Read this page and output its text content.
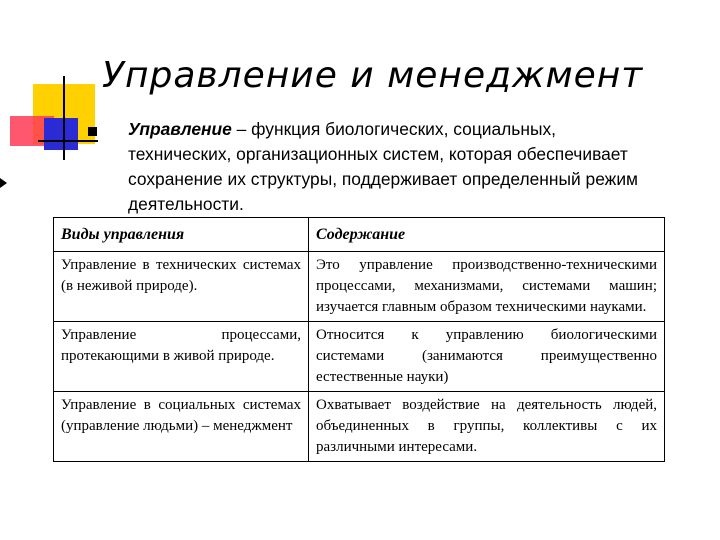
Управление и менеджмент

Управление – функция биологических, социальных, технических, организационных систем, которая обеспечивает сохранение их структуры, поддерживает определенный режим деятельности.

Виды управления	Содержание
Управление в технических системах (в неживой природе).	Это управление производственно-техническими процессами, механизмами, системами машин; изучается главным образом техническими науками.
Управление процессами, протекающими в живой природе.	Относится к управлению биологическими системами (занимаются преимущественно естественные науки)
Управление в социальных системах (управление людьми) – менеджмент	Охватывает воздействие на деятельность людей, объединенных в группы, коллективы с их различными интересами.
